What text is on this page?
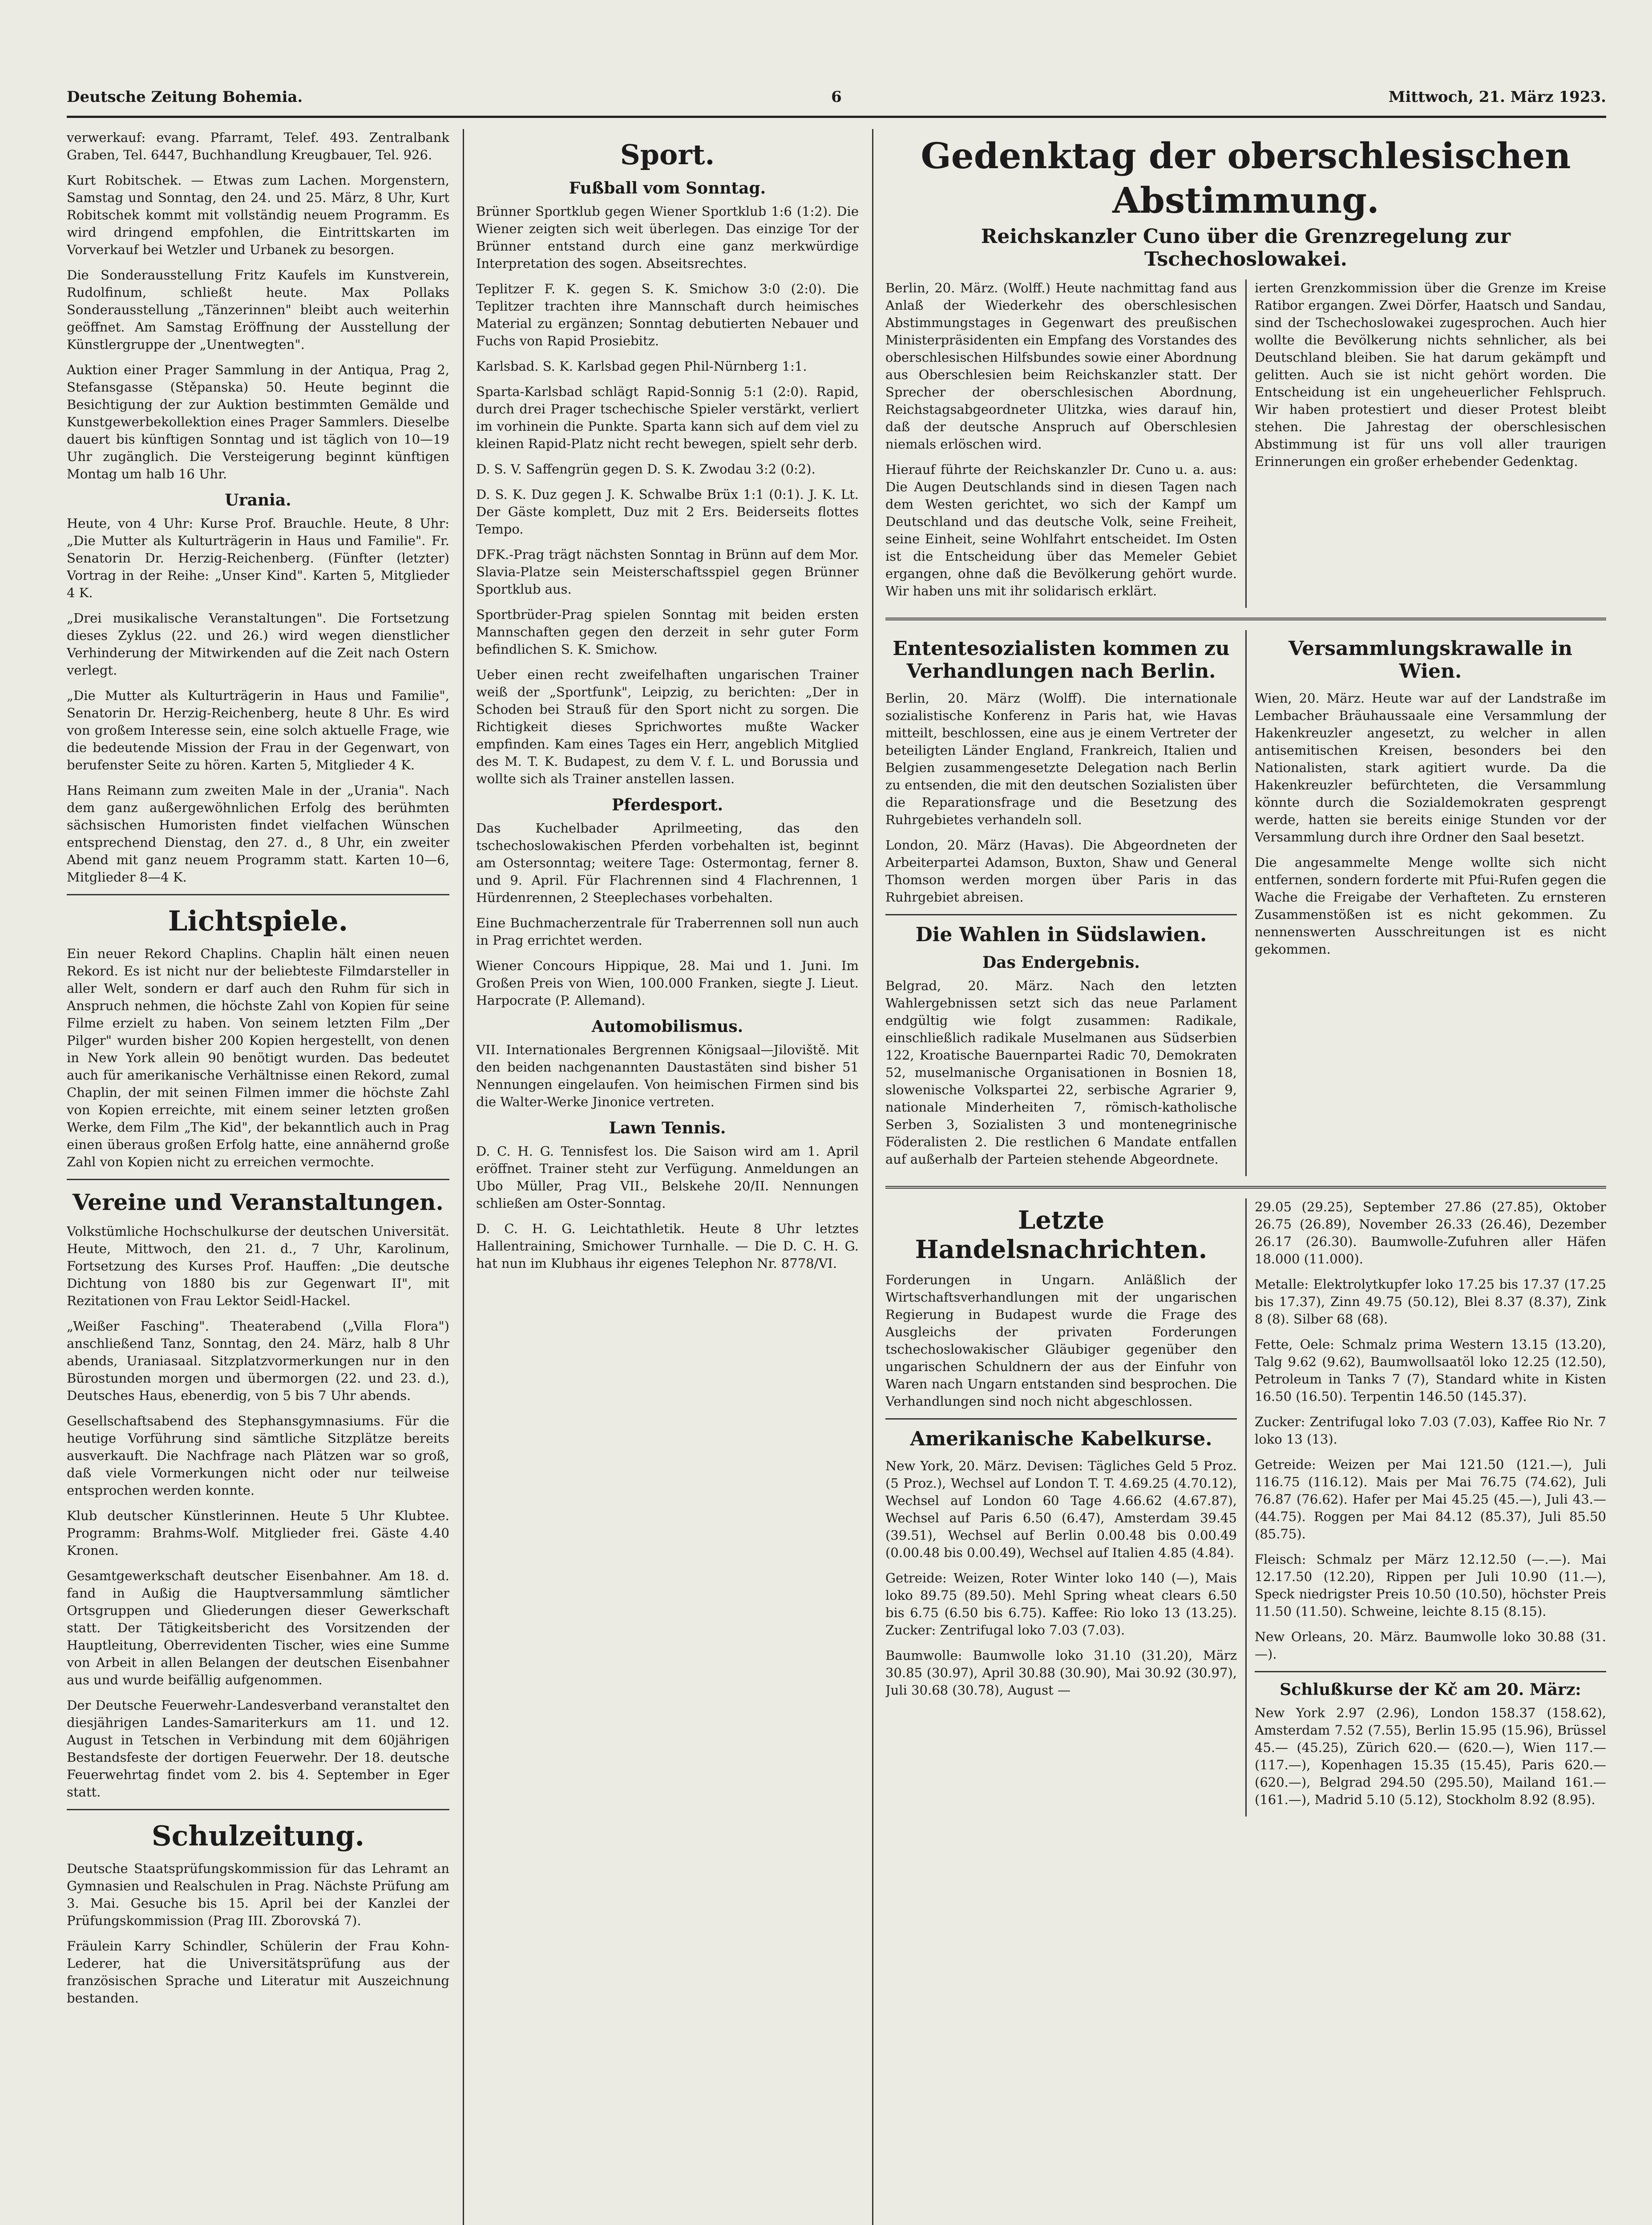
Deutsche Zeitung Bohemia.	6	Mittwoch, 21. März 1923.

verwerkauf: evang. Pfarramt, Telef. 493. Zentralbank Graben, Tel. 6447, Buchhandlung Kreugbauer, Tel. 926.

Kurt Robitschek. — Etwas zum Lachen. Morgenstern, Samstag und Sonntag, den 24. und 25. März, 8 Uhr, Kurt Robitschek kommt mit vollständig neuem Programm. Es wird dringend empfohlen, die Eintrittskarten im Vorverkauf bei Wetzler und Urbanek zu besorgen.

Die Sonderausstellung Fritz Kaufels im Kunstverein, Rudolfinum, schließt heute. Max Pollaks Sonderausstellung „Tänzerinnen" bleibt auch weiterhin geöffnet. Am Samstag Eröffnung der Ausstellung der Künstlergruppe der „Unentwegten".

Auktion einer Prager Sammlung in der Antiqua, Prag 2, Stefansgasse (Stěpanska) 50. Heute beginnt die Besichtigung der zur Auktion bestimmten Gemälde und Kunstgewerbekollektion eines Prager Sammlers. Dieselbe dauert bis künftigen Sonntag und ist täglich von 10—19 Uhr zugänglich. Die Versteigerung beginnt künftigen Montag um halb 16 Uhr.

Urania.

Heute, von 4 Uhr: Kurse Prof. Brauchle. Heute, 8 Uhr: „Die Mutter als Kulturträgerin in Haus und Familie". Fr. Senatorin Dr. Herzig-Reichenberg. (Fünfter (letzter) Vortrag in der Reihe: „Unser Kind". Karten 5, Mitglieder 4 K.

„Drei musikalische Veranstaltungen". Die Fortsetzung dieses Zyklus (22. und 26.) wird wegen dienstlicher Verhinderung der Mitwirkenden auf die Zeit nach Ostern verlegt.

„Die Mutter als Kulturträgerin in Haus und Familie", Senatorin Dr. Herzig-Reichenberg, heute 8 Uhr. Es wird von großem Interesse sein, eine solch aktuelle Frage, wie die bedeutende Mission der Frau in der Gegenwart, von berufenster Seite zu hören. Karten 5, Mitglieder 4 K.

Hans Reimann zum zweiten Male in der „Urania". Nach dem ganz außergewöhnlichen Erfolg des berühmten sächsischen Humoristen findet vielfachen Wünschen entsprechend Dienstag, den 27. d., 8 Uhr, ein zweiter Abend mit ganz neuem Programm statt. Karten 10—6, Mitglieder 8—4 K.

Lichtspiele.

Ein neuer Rekord Chaplins. Chaplin hält einen neuen Rekord. Es ist nicht nur der beliebteste Filmdarsteller in aller Welt, sondern er darf auch den Ruhm für sich in Anspruch nehmen, die höchste Zahl von Kopien für seine Filme erzielt zu haben. Von seinem letzten Film „Der Pilger" wurden bisher 200 Kopien hergestellt, von denen in New York allein 90 benötigt wurden. Das bedeutet auch für amerikanische Verhältnisse einen Rekord, zumal Chaplin, der mit seinen Filmen immer die höchste Zahl von Kopien erreichte, mit einem seiner letzten großen Werke, dem Film „The Kid", der bekanntlich auch in Prag einen überaus großen Erfolg hatte, eine annähernd große Zahl von Kopien nicht zu erreichen vermochte.

Vereine und Veranstaltungen.

Volkstümliche Hochschulkurse der deutschen Universität. Heute, Mittwoch, den 21. d., 7 Uhr, Karolinum, Fortsetzung des Kurses Prof. Hauffen: „Die deutsche Dichtung von 1880 bis zur Gegenwart II", mit Rezitationen von Frau Lektor Seidl-Hackel.

„Weißer Fasching". Theaterabend („Villa Flora") anschließend Tanz, Sonntag, den 24. März, halb 8 Uhr abends, Uraniasaal. Sitzplatzvormerkungen nur in den Bürostunden morgen und übermorgen (22. und 23. d.), Deutsches Haus, ebenerdig, von 5 bis 7 Uhr abends.

Gesellschaftsabend des Stephansgymnasiums. Für die heutige Vorführung sind sämtliche Sitzplätze bereits ausverkauft. Die Nachfrage nach Plätzen war so groß, daß viele Vormerkungen nicht oder nur teilweise entsprochen werden konnte.

Klub deutscher Künstlerinnen. Heute 5 Uhr Klubtee. Programm: Brahms-Wolf. Mitglieder frei. Gäste 4.40 Kronen.

Gesamtgewerkschaft deutscher Eisenbahner. Am 18. d. fand in Außig die Hauptversammlung sämtlicher Ortsgruppen und Gliederungen dieser Gewerkschaft statt. Der Tätigkeitsbericht des Vorsitzenden der Hauptleitung, Oberrevidenten Tischer, wies eine Summe von Arbeit in allen Belangen der deutschen Eisenbahner aus und wurde beifällig aufgenommen.

Der Deutsche Feuerwehr-Landesverband veranstaltet den diesjährigen Landes-Samariterkurs am 11. und 12. August in Tetschen in Verbindung mit dem 60jährigen Bestandsfeste der dortigen Feuerwehr. Der 18. deutsche Feuerwehrtag findet vom 2. bis 4. September in Eger statt.

Schulzeitung.

Deutsche Staatsprüfungskommission für das Lehramt an Gymnasien und Realschulen in Prag. Nächste Prüfung am 3. Mai. Gesuche bis 15. April bei der Kanzlei der Prüfungskommission (Prag III. Zborovská 7).

Fräulein Karry Schindler, Schülerin der Frau Kohn-Lederer, hat die Universitätsprüfung aus der französischen Sprache und Literatur mit Auszeichnung bestanden.

Sport.
Fußball vom Sonntag.

Brünner Sportklub gegen Wiener Sportklub 1:6 (1:2). Die Wiener zeigten sich weit überlegen. Das einzige Tor der Brünner entstand durch eine ganz merkwürdige Interpretation des sogen. Abseitsrechtes.

Teplitzer F. K. gegen S. K. Smichow 3:0 (2:0). Die Teplitzer trachten ihre Mannschaft durch heimisches Material zu ergänzen; Sonntag debutierten Nebauer und Fuchs von Rapid Prosiebitz.

Karlsbad. S. K. Karlsbad gegen Phil-Nürnberg 1:1.

Sparta-Karlsbad schlägt Rapid-Sonnig 5:1 (2:0). Rapid, durch drei Prager tschechische Spieler verstärkt, verliert im vorhinein die Punkte. Sparta kann sich auf dem viel zu kleinen Rapid-Platz nicht recht bewegen, spielt sehr derb.

D. S. V. Saffengrün gegen D. S. K. Zwodau 3:2 (0:2).

D. S. K. Duz gegen J. K. Schwalbe Brüx 1:1 (0:1). J. K. Lt. Der Gäste komplett, Duz mit 2 Ers. Beiderseits flottes Tempo.

DFK.-Prag trägt nächsten Sonntag in Brünn auf dem Mor. Slavia-Platze sein Meisterschaftsspiel gegen Brünner Sportklub aus.

Sportbrüder-Prag spielen Sonntag mit beiden ersten Mannschaften gegen den derzeit in sehr guter Form befindlichen S. K. Smichow.

Ueber einen recht zweifelhaften ungarischen Trainer weiß der „Sportfunk", Leipzig, zu berichten: „Der in Schoden bei Strauß für den Sport nicht zu sorgen. Die Richtigkeit dieses Sprichwortes mußte Wacker empfinden. Kam eines Tages ein Herr, angeblich Mitglied des M. T. K. Budapest, zu dem V. f. L. und Borussia und wollte sich als Trainer anstellen lassen.

Pferdesport.

Das Kuchelbader Aprilmeeting, das den tschechoslowakischen Pferden vorbehalten ist, beginnt am Ostersonntag; weitere Tage: Ostermontag, ferner 8. und 9. April. Für Flachrennen sind 4 Flachrennen, 1 Hürdenrennen, 2 Steeplechases vorbehalten.

Eine Buchmacherzentrale für Traberrennen soll nun auch in Prag errichtet werden.

Wiener Concours Hippique, 28. Mai und 1. Juni. Im Großen Preis von Wien, 100.000 Franken, siegte J. Lieut. Harpocrate (P. Allemand).

Automobilismus.

VII. Internationales Bergrennen Königsaal—Jiloviště. Mit den beiden nachgenannten Daustastäten sind bisher 51 Nennungen eingelaufen. Von heimischen Firmen sind bis die Walter-Werke Jinonice vertreten.

Lawn Tennis.

D. C. H. G. Tennisfest los. Die Saison wird am 1. April eröffnet. Trainer steht zur Verfügung. Anmeldungen an Ubo Müller, Prag VII., Belskehe 20/II. Nennungen schließen am Oster-Sonntag.

D. C. H. G. Leichtathletik. Heute 8 Uhr letztes Hallentraining, Smichower Turnhalle. — Die D. C. H. G. hat nun im Klubhaus ihr eigenes Telephon Nr. 8778/VI.

Gedenktag der oberschlesischen Abstimmung.
Reichskanzler Cuno über die Grenzregelung zur Tschechoslowakei.

Berlin, 20. März. (Wolff.) Heute nachmittag fand aus Anlaß der Wiederkehr des oberschlesischen Abstimmungstages in Gegenwart des preußischen Ministerpräsidenten ein Empfang des Vorstandes des oberschlesischen Hilfsbundes sowie einer Abordnung aus Oberschlesien beim Reichskanzler statt. Der Sprecher der oberschlesischen Abordnung, Reichstagsabgeordneter Ulitzka, wies darauf hin, daß der deutsche Anspruch auf Oberschlesien niemals erlöschen wird.

Hierauf führte der Reichskanzler Dr. Cuno u. a. aus: Die Augen Deutschlands sind in diesen Tagen nach dem Westen gerichtet, wo sich der Kampf um Deutschland und das deutsche Volk, seine Freiheit, seine Einheit, seine Wohlfahrt entscheidet. Im Osten ist die Entscheidung über das Memeler Gebiet ergangen, ohne daß die Bevölkerung gehört wurde. Wir haben uns mit ihr solidarisch erklärt.

ierten Grenzkommission über die Grenze im Kreise Ratibor ergangen. Zwei Dörfer, Haatsch und Sandau, sind der Tschechoslowakei zugesprochen. Auch hier wollte die Bevölkerung nichts sehnlicher, als bei Deutschland bleiben. Sie hat darum gekämpft und gelitten. Auch sie ist nicht gehört worden. Die Entscheidung ist ein ungeheuerlicher Fehlspruch. Wir haben protestiert und dieser Protest bleibt stehen. Die Jahrestag der oberschlesischen Abstimmung ist für uns voll aller traurigen Erinnerungen ein großer erhebender Gedenktag.

Ententesozialisten kommen zu Verhandlungen nach Berlin.

Berlin, 20. März (Wolff). Die internationale sozialistische Konferenz in Paris hat, wie Havas mitteilt, beschlossen, eine aus je einem Vertreter der beteiligten Länder England, Frankreich, Italien und Belgien zusammengesetzte Delegation nach Berlin zu entsenden, die mit den deutschen Sozialisten über die Reparationsfrage und die Besetzung des Ruhrgebietes verhandeln soll.

London, 20. März (Havas). Die Abgeordneten der Arbeiterpartei Adamson, Buxton, Shaw und General Thomson werden morgen über Paris in das Ruhrgebiet abreisen.

Die Wahlen in Südslawien.
Das Endergebnis.

Belgrad, 20. März. Nach den letzten Wahlergebnissen setzt sich das neue Parlament endgültig wie folgt zusammen: Radikale, einschließlich radikale Muselmanen aus Südserbien 122, Kroatische Bauernpartei Radic 70, Demokraten 52, muselmanische Organisationen in Bosnien 18, slowenische Volkspartei 22, serbische Agrarier 9, nationale Minderheiten 7, römisch-katholische Serben 3, Sozialisten 3 und montenegrinische Föderalisten 2. Die restlichen 6 Mandate entfallen auf außerhalb der Parteien stehende Abgeordnete.

Versammlungskrawalle in Wien.

Wien, 20. März. Heute war auf der Landstraße im Lembacher Bräuhaussaale eine Versammlung der Hakenkreuzler angesetzt, zu welcher in allen antisemitischen Kreisen, besonders bei den Nationalisten, stark agitiert wurde. Da die Hakenkreuzler befürchteten, die Versammlung könnte durch die Sozialdemokraten gesprengt werde, hatten sie bereits einige Stunden vor der Versammlung durch ihre Ordner den Saal besetzt.

Die angesammelte Menge wollte sich nicht entfernen, sondern forderte mit Pfui-Rufen gegen die Wache die Freigabe der Verhafteten. Zu ernsteren Zusammenstößen ist es nicht gekommen. Zu nennenswerten Ausschreitungen ist es nicht gekommen.

Letzte Handelsnachrichten.

Forderungen in Ungarn. Anläßlich der Wirtschaftsverhandlungen mit der ungarischen Regierung in Budapest wurde die Frage des Ausgleichs der privaten Forderungen tschechoslowakischer Gläubiger gegenüber den ungarischen Schuldnern der aus der Einfuhr von Waren nach Ungarn entstanden sind besprochen. Die Verhandlungen sind noch nicht abgeschlossen.

Amerikanische Kabelkurse.

New York, 20. März. Devisen: Tägliches Geld 5 Proz. (5 Proz.), Wechsel auf London T. T. 4.69.25 (4.70.12), Wechsel auf London 60 Tage 4.66.62 (4.67.87), Wechsel auf Paris 6.50 (6.47), Amsterdam 39.45 (39.51), Wechsel auf Berlin 0.00.48 bis 0.00.49 (0.00.48 bis 0.00.49), Wechsel auf Italien 4.85 (4.84).

Getreide: Weizen, Roter Winter loko 140 (—), Mais loko 89.75 (89.50). Mehl Spring wheat clears 6.50 bis 6.75 (6.50 bis 6.75). Kaffee: Rio loko 13 (13.25). Zucker: Zentrifugal loko 7.03 (7.03).

Baumwolle: Baumwolle loko 31.10 (31.20), März 30.85 (30.97), April 30.88 (30.90), Mai 30.92 (30.97), Juli 30.68 (30.78), August —

29.05 (29.25), September 27.86 (27.85), Oktober 26.75 (26.89), November 26.33 (26.46), Dezember 26.17 (26.30). Baumwolle-Zufuhren aller Häfen 18.000 (11.000).

Metalle: Elektrolytkupfer loko 17.25 bis 17.37 (17.25 bis 17.37), Zinn 49.75 (50.12), Blei 8.37 (8.37), Zink 8 (8). Silber 68 (68).

Fette, Oele: Schmalz prima Western 13.15 (13.20), Talg 9.62 (9.62), Baumwollsaatöl loko 12.25 (12.50), Petroleum in Tanks 7 (7), Standard white in Kisten 16.50 (16.50). Terpentin 146.50 (145.37).

Zucker: Zentrifugal loko 7.03 (7.03), Kaffee Rio Nr. 7 loko 13 (13).

Getreide: Weizen per Mai 121.50 (121.—), Juli 116.75 (116.12). Mais per Mai 76.75 (74.62), Juli 76.87 (76.62). Hafer per Mai 45.25 (45.—), Juli 43.— (44.75). Roggen per Mai 84.12 (85.37), Juli 85.50 (85.75).

Fleisch: Schmalz per März 12.12.50 (—.—). Mai 12.17.50 (12.20), Rippen per Juli 10.90 (11.—), Speck niedrigster Preis 10.50 (10.50), höchster Preis 11.50 (11.50). Schweine, leichte 8.15 (8.15).

New Orleans, 20. März. Baumwolle loko 30.88 (31.—).

Schlußkurse der Kč am 20. März:

New York 2.97 (2.96), London 158.37 (158.62), Amsterdam 7.52 (7.55), Berlin 15.95 (15.96), Brüssel 45.— (45.25), Zürich 620.— (620.—), Wien 117.— (117.—), Kopenhagen 15.35 (15.45), Paris 620.— (620.—), Belgrad 294.50 (295.50), Mailand 161.— (161.—), Madrid 5.10 (5.12), Stockholm 8.92 (8.95).
